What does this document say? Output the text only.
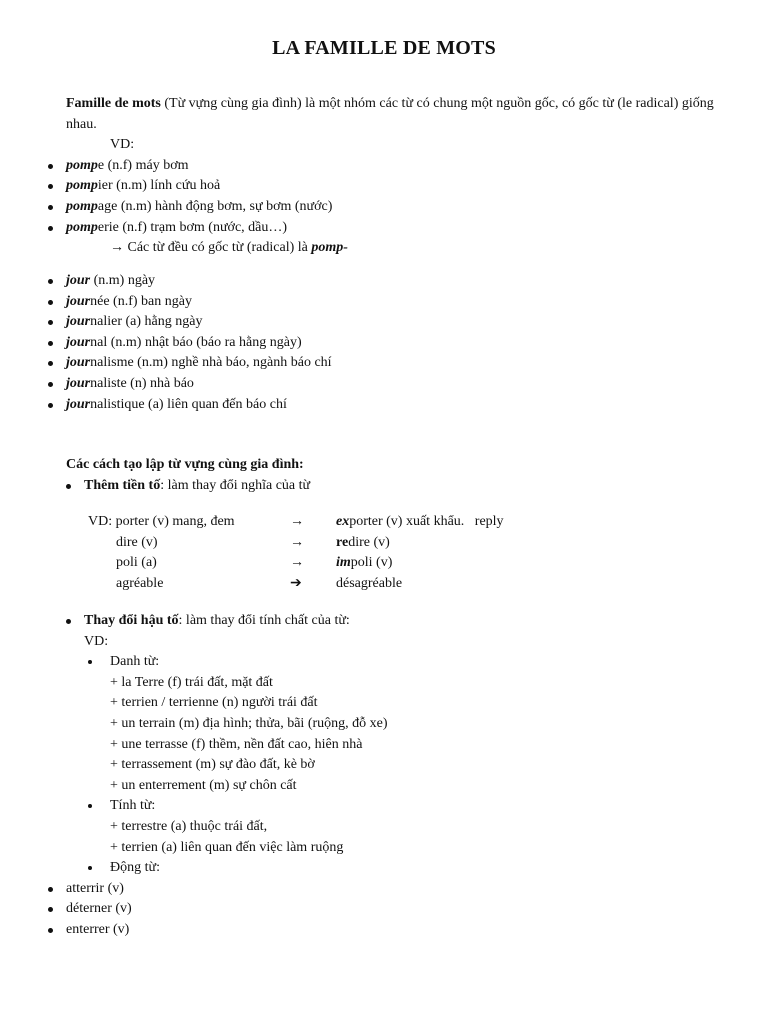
LA FAMILLE DE MOTS
Famille de mots (Từ vựng cùng gia đình) là một nhóm các từ có chung một nguồn gốc, có gốc từ (le radical) giống nhau.
VD:
pompe (n.f) máy bơm
pompier (n.m) lính cứu hoả
pompage (n.m) hành động bơm, sự bơm (nước)
pomperie (n.f) trạm bơm (nước, dầu…)
→ Các từ đều có gốc từ (radical) là pomp-
jour (n.m) ngày
journée (n.f) ban ngày
journalier (a) hằng ngày
journal (n.m) nhật báo (báo ra hằng ngày)
journalisme (n.m) nghề nhà báo, ngành báo chí
journaliste (n) nhà báo
journalistique (a) liên quan đến báo chí
Các cách tạo lập từ vựng cùng gia đình:
Thêm tiền tố: làm thay đổi nghĩa của từ
VD: porter (v) mang, đem	→ exporter (v) xuất khẩu.   reply
dire (v)	→ redire (v)
poli (a)	→ impoli (v)
agréable	➔ désagréable
Thay đổi hậu tố: làm thay đổi tính chất của từ:
VD:
Danh từ:
+ la Terre (f) trái đất, mặt đất
+ terrien / terrienne (n) người trái đất
+ un terrain (m) địa hình; thửa, bãi (ruộng, đỗ xe)
+ une terrasse (f) thềm, nền đất cao, hiên nhà
+ terrassement (m) sự đào đất, kè bờ
+ un enterrement (m) sự chôn cất
Tính từ:
+ terrestre (a) thuộc trái đất,
+ terrien (a) liên quan đến việc làm ruộng
Động từ:
atterrir (v)
déterner (v)
enterrer (v)
